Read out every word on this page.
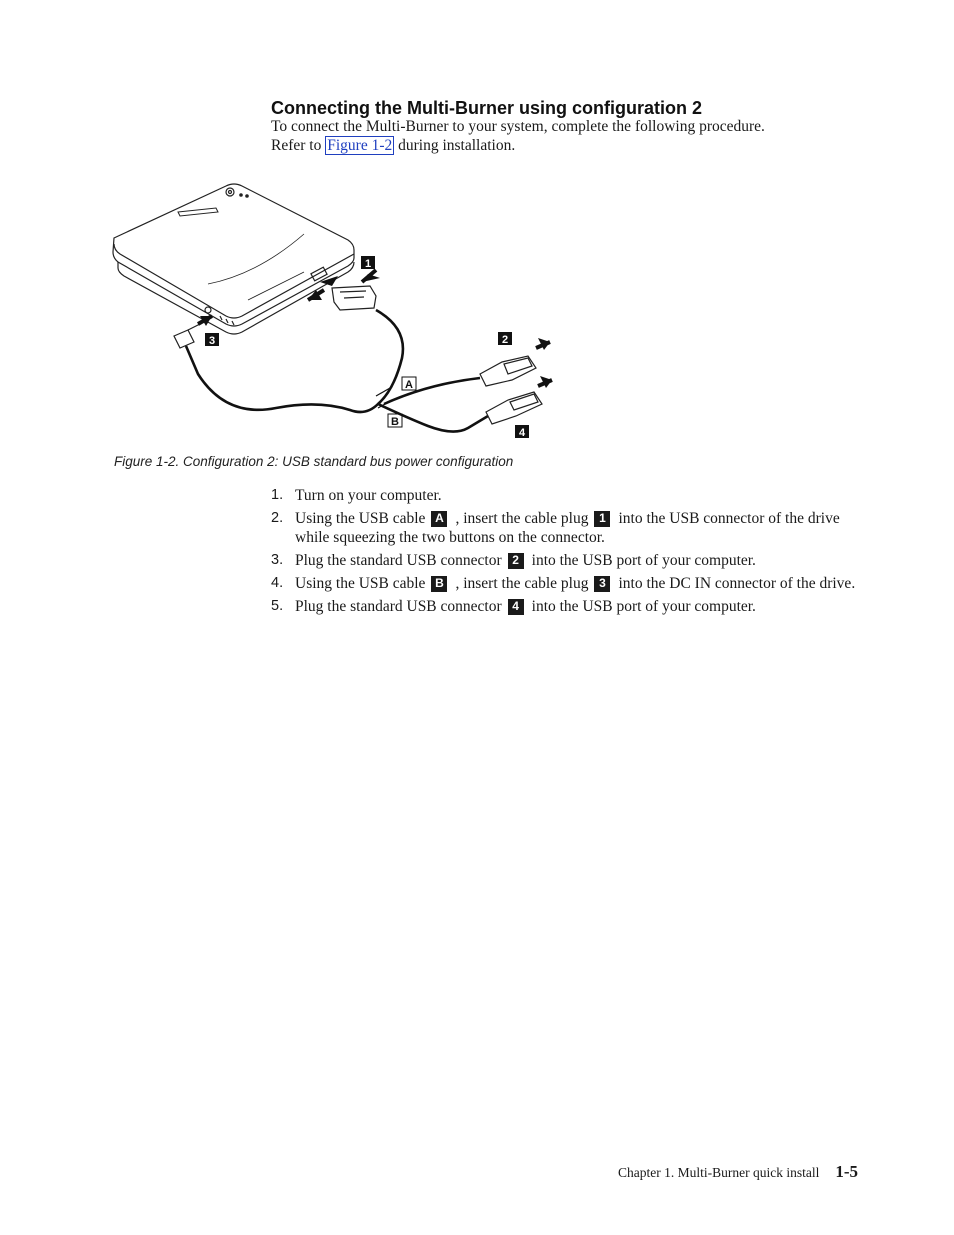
Connecting the Multi-Burner using configuration 2

To connect the Multi-Burner to your system, complete the following procedure.

Refer to Figure 1-2 during installation.

1
2
3
4
A
B
Figure 1-2. Configuration 2: USB standard bus power configuration
1. Turn on your computer.
2. Using the USB cable A , insert the cable plug 1 into the USB connector of the drive while squeezing the two buttons on the connector.
3. Plug the standard USB connector 2 into the USB port of your computer.
4. Using the USB cable B , insert the cable plug 3 into the DC IN connector of the drive.
5. Plug the standard USB connector 4 into the USB port of your computer.
Chapter 1. Multi-Burner quick install 1-5
